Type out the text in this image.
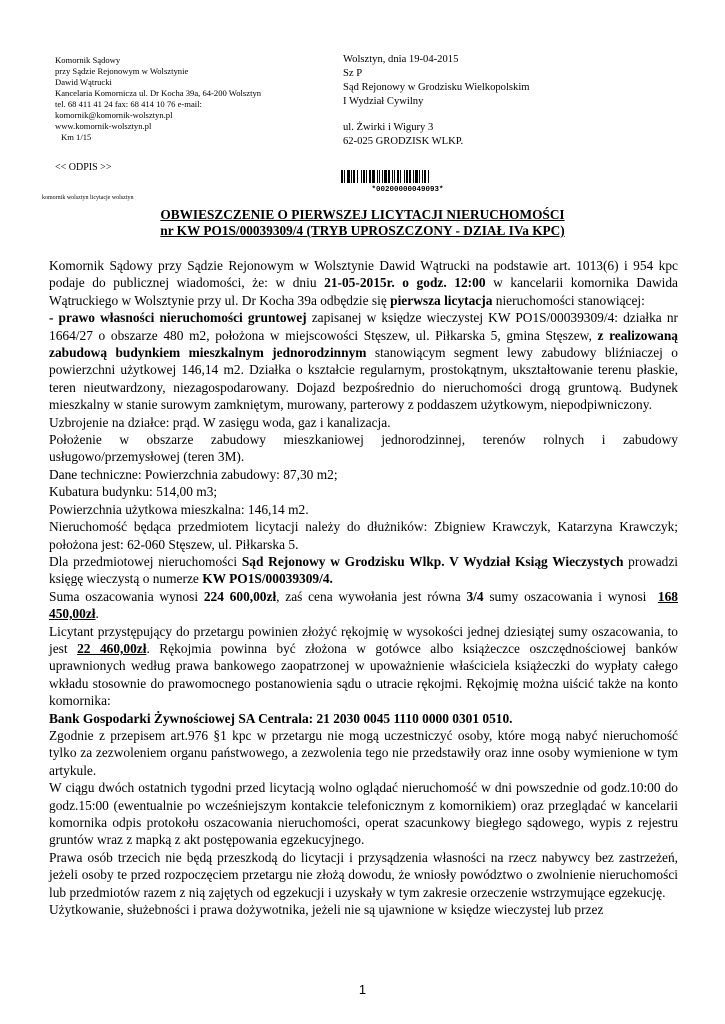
Komornik Sądowy
przy Sądzie Rejonowym w Wolsztynie
Dawid Wątrucki
Kancelaria Komornicza ul. Dr Kocha 39a, 64-200 Wolsztyn
tel. 68 411 41 24 fax: 68 414 10 76 e-mail:
komornik@komornik-wolsztyn.pl
www.komornik-wolsztyn.pl
Km 1/15
<< ODPIS >>
komornik wolsztyn licytacje wolsztyn
Wolsztyn, dnia 19-04-2015
Sz P
Sąd Rejonowy w Grodzisku Wielkopolskim
I Wydział Cywilny
ul. Żwirki i Wigury 3
62-025 GRODZISK WLKP.
*00200000049093*
OBWIESZCZENIE O PIERWSZEJ LICYTACJI NIERUCHOMOŚCI
nr KW PO1S/00039309/4 (TRYB UPROSZCZONY - DZIAŁ IVa KPC)

Komornik Sądowy przy Sądzie Rejonowym w Wolsztynie Dawid Wątrucki na podstawie art. 1013(6) i 954 kpc podaje do publicznej wiadomości, że: w dniu 21-05-2015r. o godz. 12:00 w kancelarii komornika Dawida Wątruckiego w Wolsztynie przy ul. Dr Kocha 39a odbędzie się pierwsza licytacja nieruchomości stanowiącej:

- prawo własności nieruchomości gruntowej zapisanej w księdze wieczystej KW PO1S/00039309/4: działka nr 1664/27 o obszarze 480 m2, położona w miejscowości Stęszew, ul. Piłkarska 5, gmina Stęszew, z realizowaną zabudową budynkiem mieszkalnym jednorodzinnym stanowiącym segment lewy zabudowy bliźniaczej o powierzchni użytkowej 146,14 m2. Działka o kształcie regularnym, prostokątnym, ukształtowanie terenu płaskie, teren nieutwardzony, niezagospodarowany. Dojazd bezpośrednio do nieruchomości drogą gruntową. Budynek mieszkalny w stanie surowym zamkniętym, murowany, parterowy z poddaszem użytkowym, niepodpiwniczony.

Uzbrojenie na działce: prąd. W zasięgu woda, gaz i kanalizacja.

Położenie w obszarze zabudowy mieszkaniowej jednorodzinnej, terenów rolnych i zabudowy usługowo/przemysłowej (teren 3M).

Dane techniczne: Powierzchnia zabudowy: 87,30 m2;

Kubatura budynku: 514,00 m3;

Powierzchnia użytkowa mieszkalna: 146,14 m2.

Nieruchomość będąca przedmiotem licytacji należy do dłużników: Zbigniew Krawczyk, Katarzyna Krawczyk; położona jest: 62-060 Stęszew, ul. Piłkarska 5.

Dla przedmiotowej nieruchomości Sąd Rejonowy w Grodzisku Wlkp. V Wydział Ksiąg Wieczystych prowadzi księgę wieczystą o numerze KW PO1S/00039309/4.

Suma oszacowania wynosi 224 600,00zł, zaś cena wywołania jest równa 3/4 sumy oszacowania i wynosi  168 450,00zł.

Licytant przystępujący do przetargu powinien złożyć rękojmię w wysokości jednej dziesiątej sumy oszacowania, to jest 22 460,00zł. Rękojmia powinna być złożona w gotówce albo książeczce oszczędnościowej banków uprawnionych według prawa bankowego zaopatrzonej w upoważnienie właściciela książeczki do wypłaty całego wkładu stosownie do prawomocnego postanowienia sądu o utracie rękojmi. Rękojmię można uiścić także na konto komornika:

Bank Gospodarki Żywnościowej SA Centrala: 21 2030 0045 1110 0000 0301 0510.

Zgodnie z przepisem art.976 §1 kpc w przetargu nie mogą uczestniczyć osoby, które mogą nabyć nieruchomość tylko za zezwoleniem organu państwowego, a zezwolenia tego nie przedstawiły oraz inne osoby wymienione w tym artykule.

W ciągu dwóch ostatnich tygodni przed licytacją wolno oglądać nieruchomość w dni powszednie od godz.10:00 do godz.15:00 (ewentualnie po wcześniejszym kontakcie telefonicznym z komornikiem) oraz przeglądać w kancelarii komornika odpis protokołu oszacowania nieruchomości, operat szacunkowy biegłego sądowego, wypis z rejestru gruntów wraz z mapką z akt postępowania egzekucyjnego.

Prawa osób trzecich nie będą przeszkodą do licytacji i przysądzenia własności na rzecz nabywcy bez zastrzeżeń, jeżeli osoby te przed rozpoczęciem przetargu nie złożą dowodu, że wniosły powództwo o zwolnienie nieruchomości lub przedmiotów razem z nią zajętych od egzekucji i uzyskały w tym zakresie orzeczenie wstrzymujące egzekucję.

Użytkowanie, służebności i prawa dożywotnika, jeżeli nie są ujawnione w księdze wieczystej lub przez

1
